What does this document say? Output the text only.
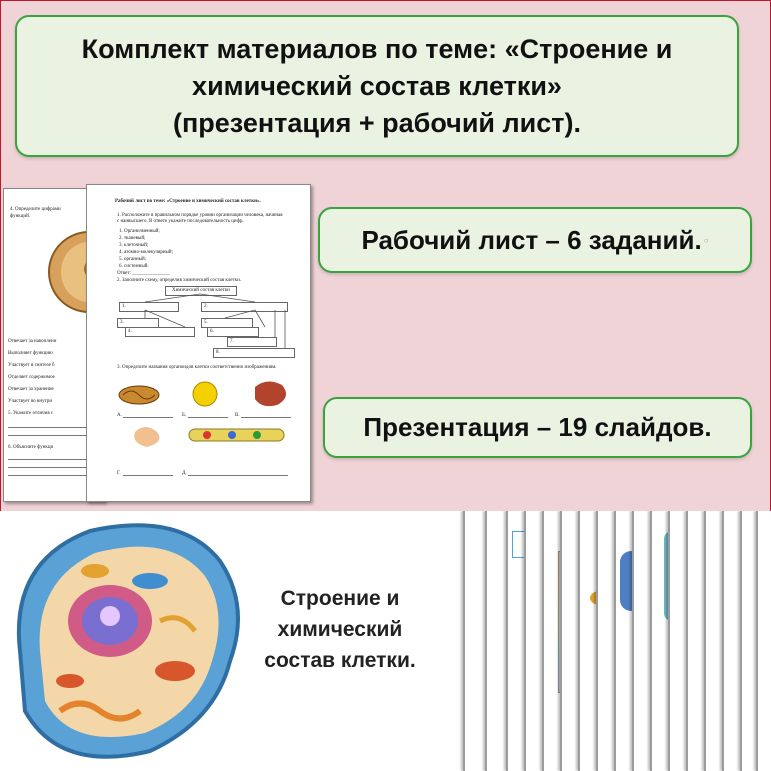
Комплект материалов по теме: «Строение и
химический состав клетки»
(презентация + рабочий лист).
Рабочий лист – 6 заданий. ○
Презентация – 19 слайдов.
4. Определите цифрами
функций.
Отвечает за накоплени
Выполняет функцию
Участвует в синтезе б
Отделяет содержимое
Отвечает за хранение
Участвует во внутри
5. Укажите отличия с
6. Объясните функци
Рабочий лист по теме: «Строение и химический состав клетки».
1. Расположите в правильном порядке уровни организации человека, начиная
с наивысшего. В ответе укажите последовательность цифр.
1. Организменный;
2. тканевый;
3. клеточный;
4. атомно-молекулярный;
5. органный;
6. системный.
Ответ: _______________
2. Заполните схему, определив химический состав клетки.
Химический состав клетки
1.	2.
3.	5.
4.	6.
7.
8.
3. Определите названия органоидов клетки соответственно изображениям.
А.	Б.	В.
Г.	Д.
Строение и
химический
состав клетки.
